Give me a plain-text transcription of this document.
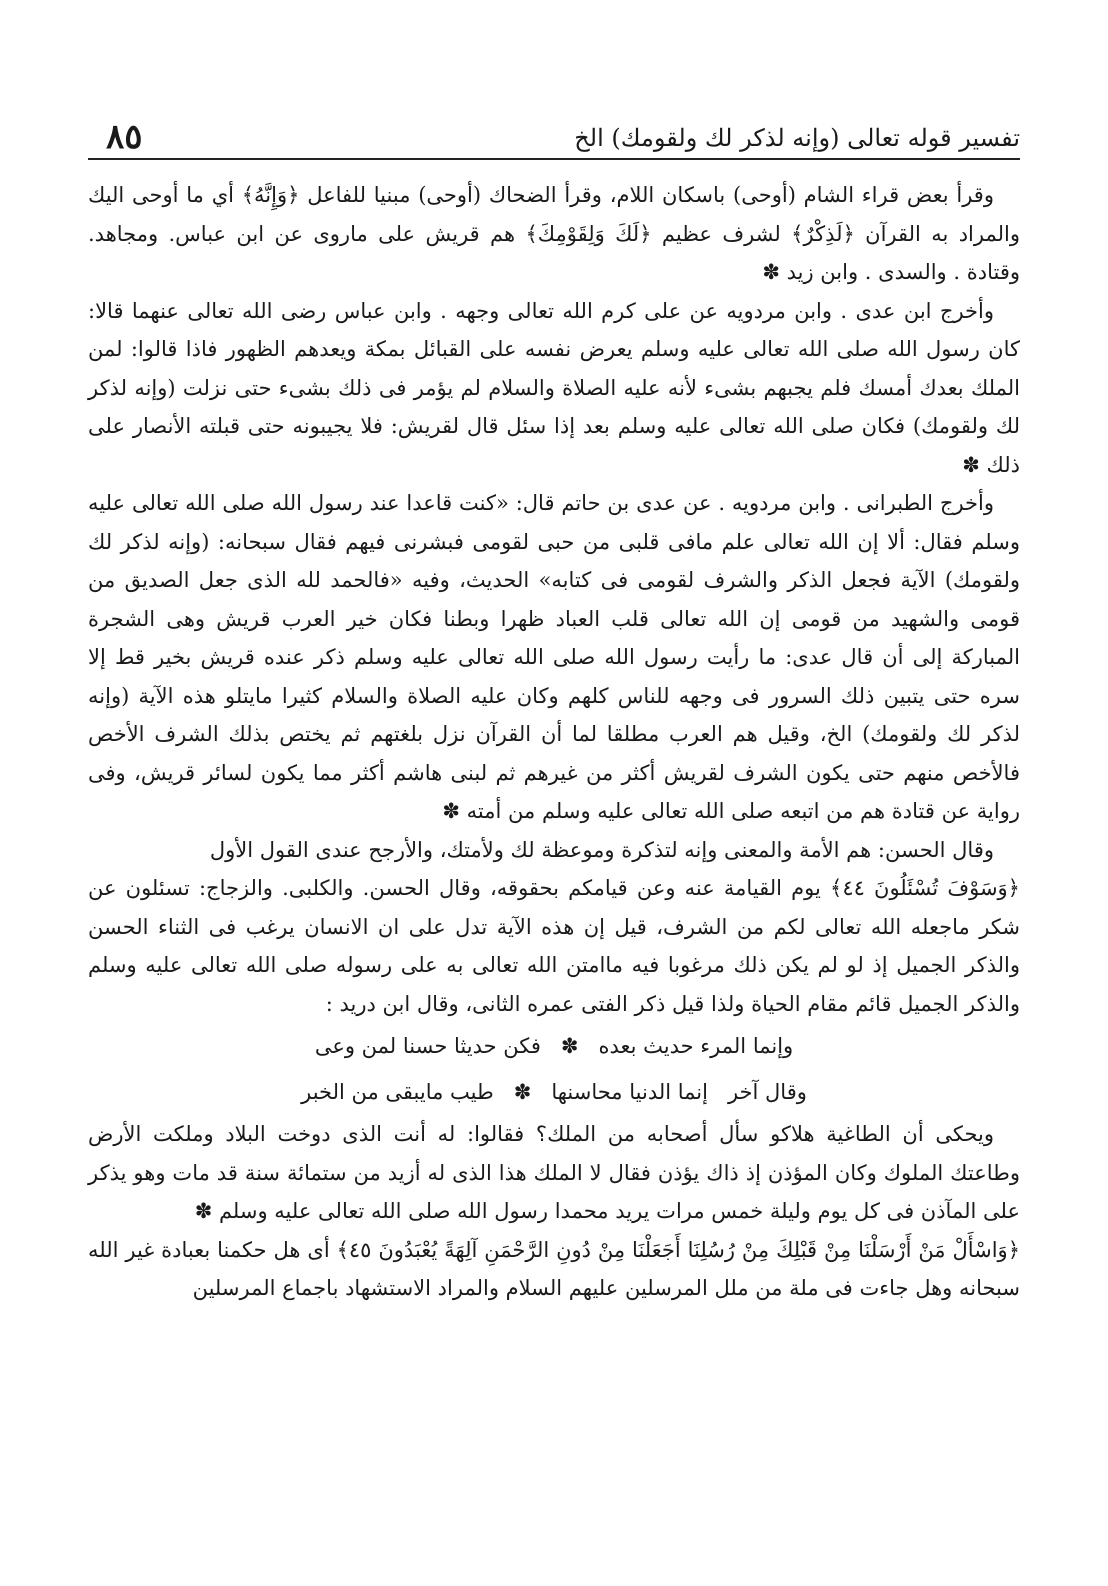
تفسير قوله تعالى (وإنه لذكر لك ولقومك) الخ
٨٥

وقرأ بعض قراء الشام (أوحى) باسكان اللام، وقرأ الضحاك (أوحى) مبنيا للفاعل ﴿وَإِنَّهُ﴾ أي ما أوحى اليك والمراد به القرآن ﴿لَذِكْرٌ﴾ لشرف عظيم ﴿لَكَ وَلِقَوْمِكَ﴾ هم قريش على ماروى عن ابن عباس. ومجاهد. وقتادة . والسدى . وابن زيد ✽

وأخرج ابن عدى . وابن مردويه عن على كرم الله تعالى وجهه . وابن عباس رضى الله تعالى عنهما قالا: كان رسول الله صلى الله تعالى عليه وسلم يعرض نفسه على القبائل بمكة ويعدهم الظهور فاذا قالوا: لمن الملك بعدك أمسك فلم يجبهم بشىء لأنه عليه الصلاة والسلام لم يؤمر فى ذلك بشىء حتى نزلت (وإنه لذكر لك ولقومك) فكان صلى الله تعالى عليه وسلم بعد إذا سئل قال لقريش: فلا يجيبونه حتى قبلته الأنصار على ذلك ✽

وأخرج الطبرانى . وابن مردويه . عن عدى بن حاتم قال: «كنت قاعدا عند رسول الله صلى الله تعالى عليه وسلم فقال: ألا إن الله تعالى علم مافى قلبى من حبى لقومى فبشرنى فيهم فقال سبحانه: (وإنه لذكر لك ولقومك) الآية فجعل الذكر والشرف لقومى فى كتابه» الحديث، وفيه «فالحمد لله الذى جعل الصديق من قومى والشهيد من قومى إن الله تعالى قلب العباد ظهرا وبطنا فكان خير العرب قريش وهى الشجرة المباركة إلى أن قال عدى: ما رأيت رسول الله صلى الله تعالى عليه وسلم ذكر عنده قريش بخير قط إلا سره حتى يتبين ذلك السرور فى وجهه للناس كلهم وكان عليه الصلاة والسلام كثيرا مايتلو هذه الآية (وإنه لذكر لك ولقومك) الخ، وقيل هم العرب مطلقا لما أن القرآن نزل بلغتهم ثم يختص بذلك الشرف الأخص فالأخص منهم حتى يكون الشرف لقريش أكثر من غيرهم ثم لبنى هاشم أكثر مما يكون لسائر قريش، وفى رواية عن قتادة هم من اتبعه صلى الله تعالى عليه وسلم من أمته ✽

وقال الحسن: هم الأمة والمعنى وإنه لتذكرة وموعظة لك ولأمتك، والأرجح عندى القول الأول

﴿وَسَوْفَ تُسْئَلُونَ ٤٤﴾ يوم القيامة عنه وعن قيامكم بحقوقه، وقال الحسن. والكلبى. والزجاج: تسئلون عن شكر ماجعله الله تعالى لكم من الشرف، قيل إن هذه الآية تدل على ان الانسان يرغب فى الثناء الحسن والذكر الجميل إذ لو لم يكن ذلك مرغوبا فيه ماامتن الله تعالى به على رسوله صلى الله تعالى عليه وسلم والذكر الجميل قائم مقام الحياة ولذا قيل ذكر الفتى عمره الثانى، وقال ابن دريد :

وإنما المرء حديث بعده
✽
فكن حديثا حسنا لمن وعى
وقال آخر
إنما الدنيا محاسنها
✽
طيب مايبقى من الخبر

ويحكى أن الطاغية هلاكو سأل أصحابه من الملك؟ فقالوا: له أنت الذى دوخت البلاد وملكت الأرض وطاعتك الملوك وكان المؤذن إذ ذاك يؤذن فقال لا الملك هذا الذى له أزيد من ستمائة سنة قد مات وهو يذكر على المآذن فى كل يوم وليلة خمس مرات يريد محمدا رسول الله صلى الله تعالى عليه وسلم ✽

﴿وَاسْأَلْ مَنْ أَرْسَلْنَا مِنْ قَبْلِكَ مِنْ رُسُلِنَا أَجَعَلْنَا مِنْ دُونِ الرَّحْمَنِ آلِهَةً يُعْبَدُونَ ٤٥﴾ أى هل حكمنا بعبادة غير الله سبحانه وهل جاءت فى ملة من ملل المرسلين عليهم السلام والمراد الاستشهاد باجماع المرسلين
